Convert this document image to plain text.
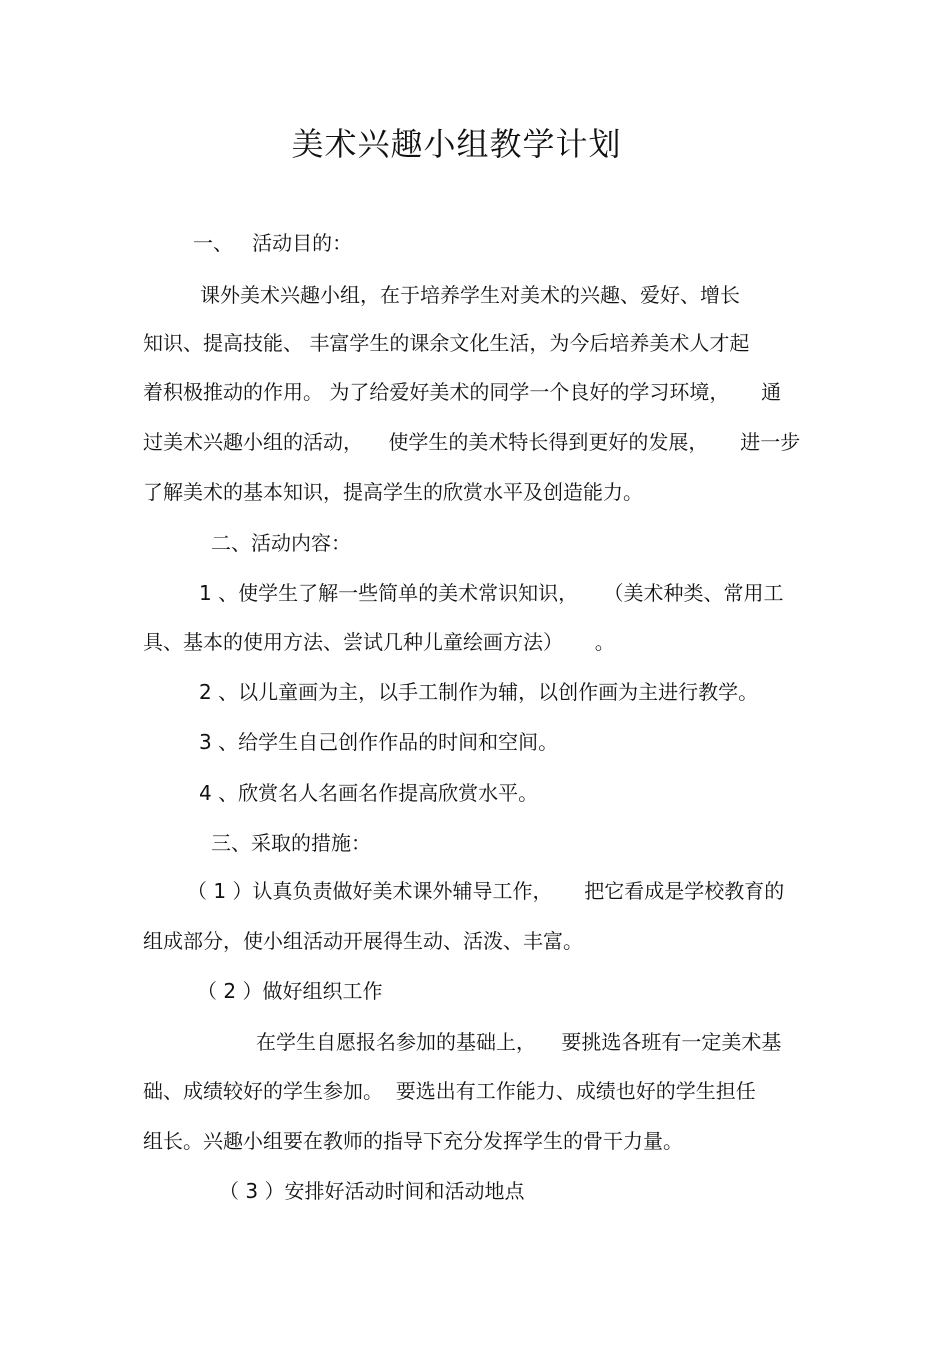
美术兴趣小组教学计划

一、   活动目的：

课外美术兴趣小组，在于培养学生对美术的兴趣、爱好、增长

知识、提高技能、 丰富学生的课余文化生活，为今后培养美术人才起

着积极推动的作用。 为了给爱好美术的同学一个良好的学习环境，     通

过美术兴趣小组的活动，    使学生的美术特长得到更好的发展，     进一步

了解美术的基本知识，提高学生的欣赏水平及创造能力。

二、活动内容：

1 、使学生了解一些简单的美术常识知识，    （美术种类、常用工

具、基本的使用方法、尝试几种儿童绘画方法）     。

2 、以儿童画为主，以手工制作为辅，以创作画为主进行教学。

3 、给学生自己创作作品的时间和空间。

4 、欣赏名人名画名作提高欣赏水平。

三、采取的措施：

（ 1 ）认真负责做好美术课外辅导工作，     把它看成是学校教育的

组成部分，使小组活动开展得生动、活泼、丰富。

（ 2 ）做好组织工作

在学生自愿报名参加的基础上，    要挑选各班有一定美术基

础、成绩较好的学生参加。  要选出有工作能力、成绩也好的学生担任

组长。兴趣小组要在教师的指导下充分发挥学生的骨干力量。

（ 3 ）安排好活动时间和活动地点
